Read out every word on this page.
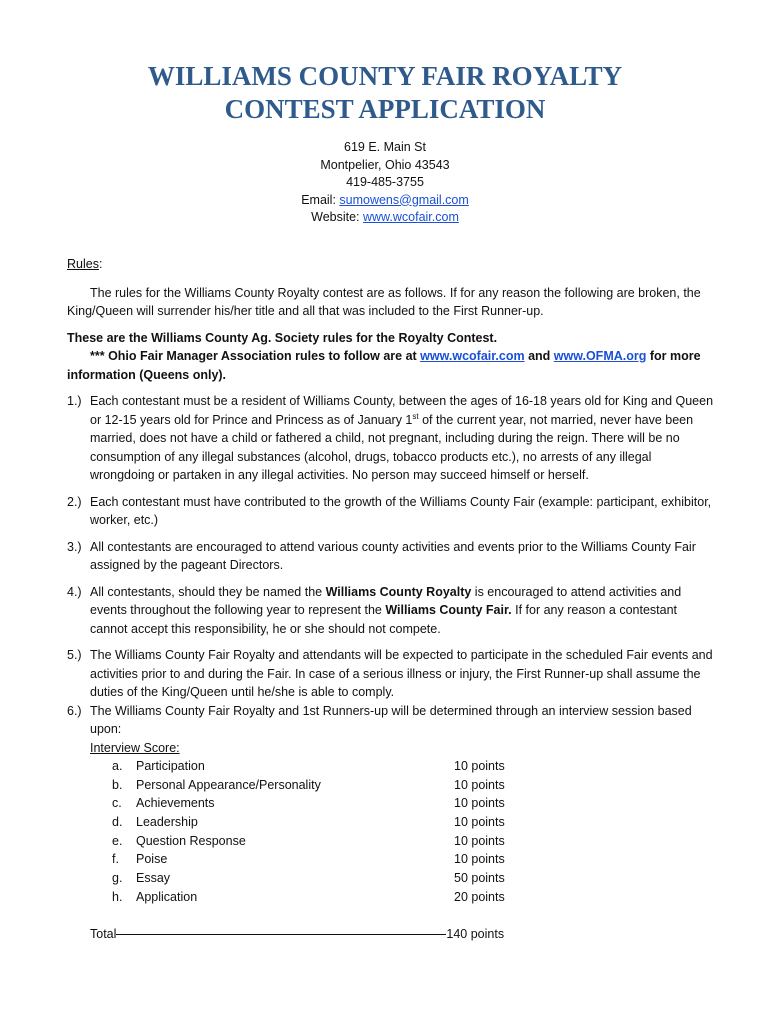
WILLIAMS COUNTY FAIR ROYALTY
CONTEST APPLICATION
619 E. Main St
Montpelier, Ohio 43543
419-485-3755
Email: sumowens@gmail.com
Website: www.wcofair.com
Rules:
The rules for the Williams County Royalty contest are as follows. If for any reason the following are broken, the King/Queen will surrender his/her title and all that was included to the First Runner-up.
These are the Williams County Ag. Society rules for the Royalty Contest.
*** Ohio Fair Manager Association rules to follow are at www.wcofair.com and www.OFMA.org for more information (Queens only).
1.) Each contestant must be a resident of Williams County, between the ages of 16-18 years old for King and Queen or 12-15 years old for Prince and Princess as of January 1st of the current year, not married, never have been married, does not have a child or fathered a child, not pregnant, including during the reign. There will be no consumption of any illegal substances (alcohol, drugs, tobacco products etc.), no arrests of any illegal wrongdoing or partaken in any illegal activities. No person may succeed himself or herself.
2.) Each contestant must have contributed to the growth of the Williams County Fair (example: participant, exhibitor, worker, etc.)
3.) All contestants are encouraged to attend various county activities and events prior to the Williams County Fair assigned by the pageant Directors.
4.) All contestants, should they be named the Williams County Royalty is encouraged to attend activities and events throughout the following year to represent the Williams County Fair. If for any reason a contestant cannot accept this responsibility, he or she should not compete.
5.) The Williams County Fair Royalty and attendants will be expected to participate in the scheduled Fair events and activities prior to and during the Fair. In case of a serious illness or injury, the First Runner-up shall assume the duties of the King/Queen until he/she is able to comply.
6.) The Williams County Fair Royalty and 1st Runners-up will be determined through an interview session based upon:
Interview Score:
a.	Participation	10 points
b.	Personal Appearance/Personality	10 points
c.	Achievements	10 points
d.	Leadership	10 points
e.	Question Response	10 points
f.	Poise	10 points
g.	Essay	50 points
h.	Application	20 points
Total	140 points
